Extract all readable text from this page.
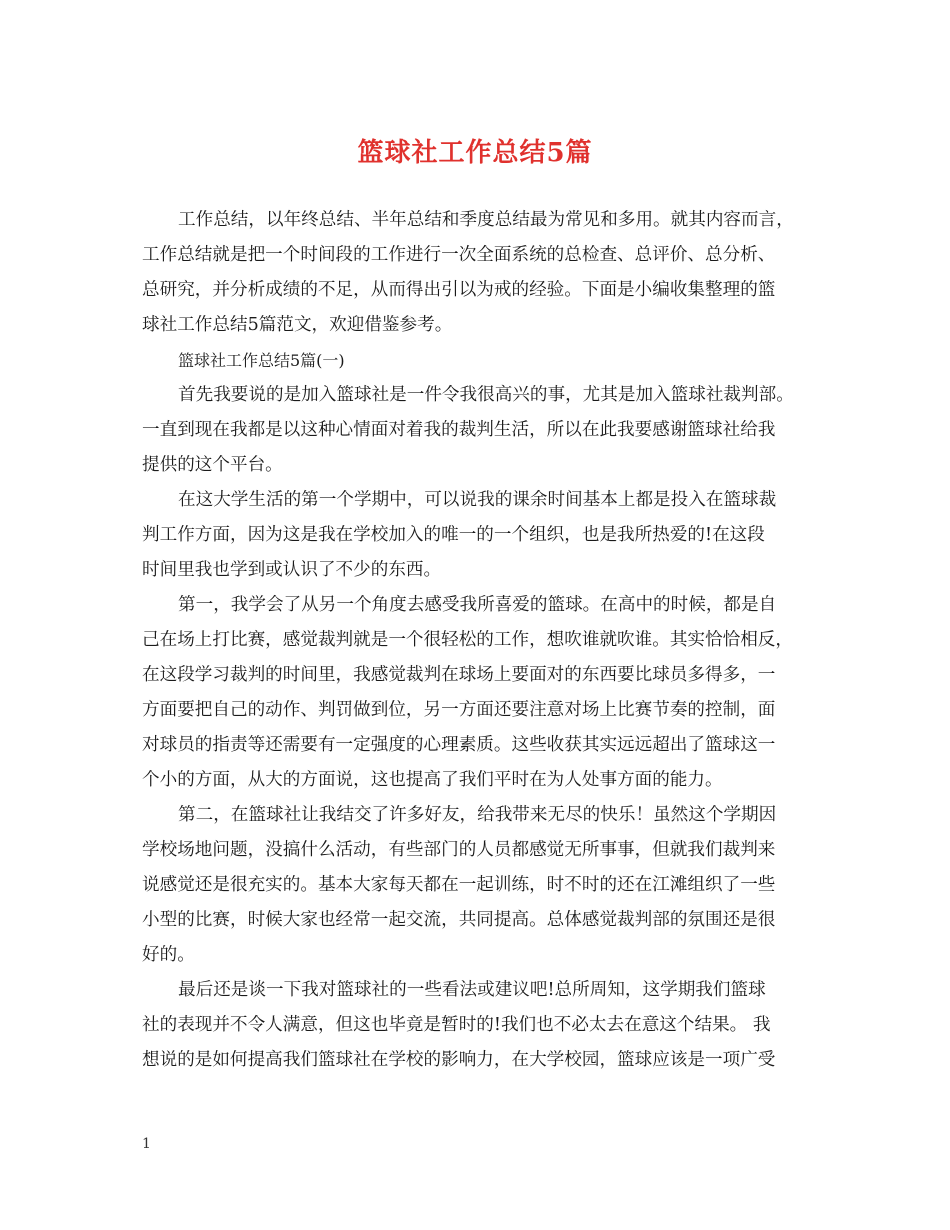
篮球社工作总结5篇
工作总结，以年终总结、半年总结和季度总结最为常见和多用。就其内容而言，
工作总结就是把一个时间段的工作进行一次全面系统的总检查、总评价、总分析、
总研究，并分析成绩的不足，从而得出引以为戒的经验。下面是小编收集整理的篮
球社工作总结5篇范文，欢迎借鉴参考。
篮球社工作总结5篇(一)
首先我要说的是加入篮球社是一件令我很高兴的事，尤其是加入篮球社裁判部。
一直到现在我都是以这种心情面对着我的裁判生活，所以在此我要感谢篮球社给我
提供的这个平台。
在这大学生活的第一个学期中，可以说我的课余时间基本上都是投入在篮球裁
判工作方面，因为这是我在学校加入的唯一的一个组织，也是我所热爱的!在这段
时间里我也学到或认识了不少的东西。
第一，我学会了从另一个角度去感受我所喜爱的篮球。在高中的时候，都是自
己在场上打比赛，感觉裁判就是一个很轻松的工作，想吹谁就吹谁。其实恰恰相反，
在这段学习裁判的时间里，我感觉裁判在球场上要面对的东西要比球员多得多，一
方面要把自己的动作、判罚做到位，另一方面还要注意对场上比赛节奏的控制，面
对球员的指责等还需要有一定强度的心理素质。这些收获其实远远超出了篮球这一
个小的方面，从大的方面说，这也提高了我们平时在为人处事方面的能力。
第二，在篮球社让我结交了许多好友，给我带来无尽的快乐！虽然这个学期因
学校场地问题，没搞什么活动，有些部门的人员都感觉无所事事，但就我们裁判来
说感觉还是很充实的。基本大家每天都在一起训练，时不时的还在江滩组织了一些
小型的比赛，时候大家也经常一起交流，共同提高。总体感觉裁判部的氛围还是很
好的。
最后还是谈一下我对篮球社的一些看法或建议吧!总所周知，这学期我们篮球
社的表现并不令人满意，但这也毕竟是暂时的!我们也不必太去在意这个结果。 我
想说的是如何提高我们篮球社在学校的影响力，在大学校园，篮球应该是一项广受
1
